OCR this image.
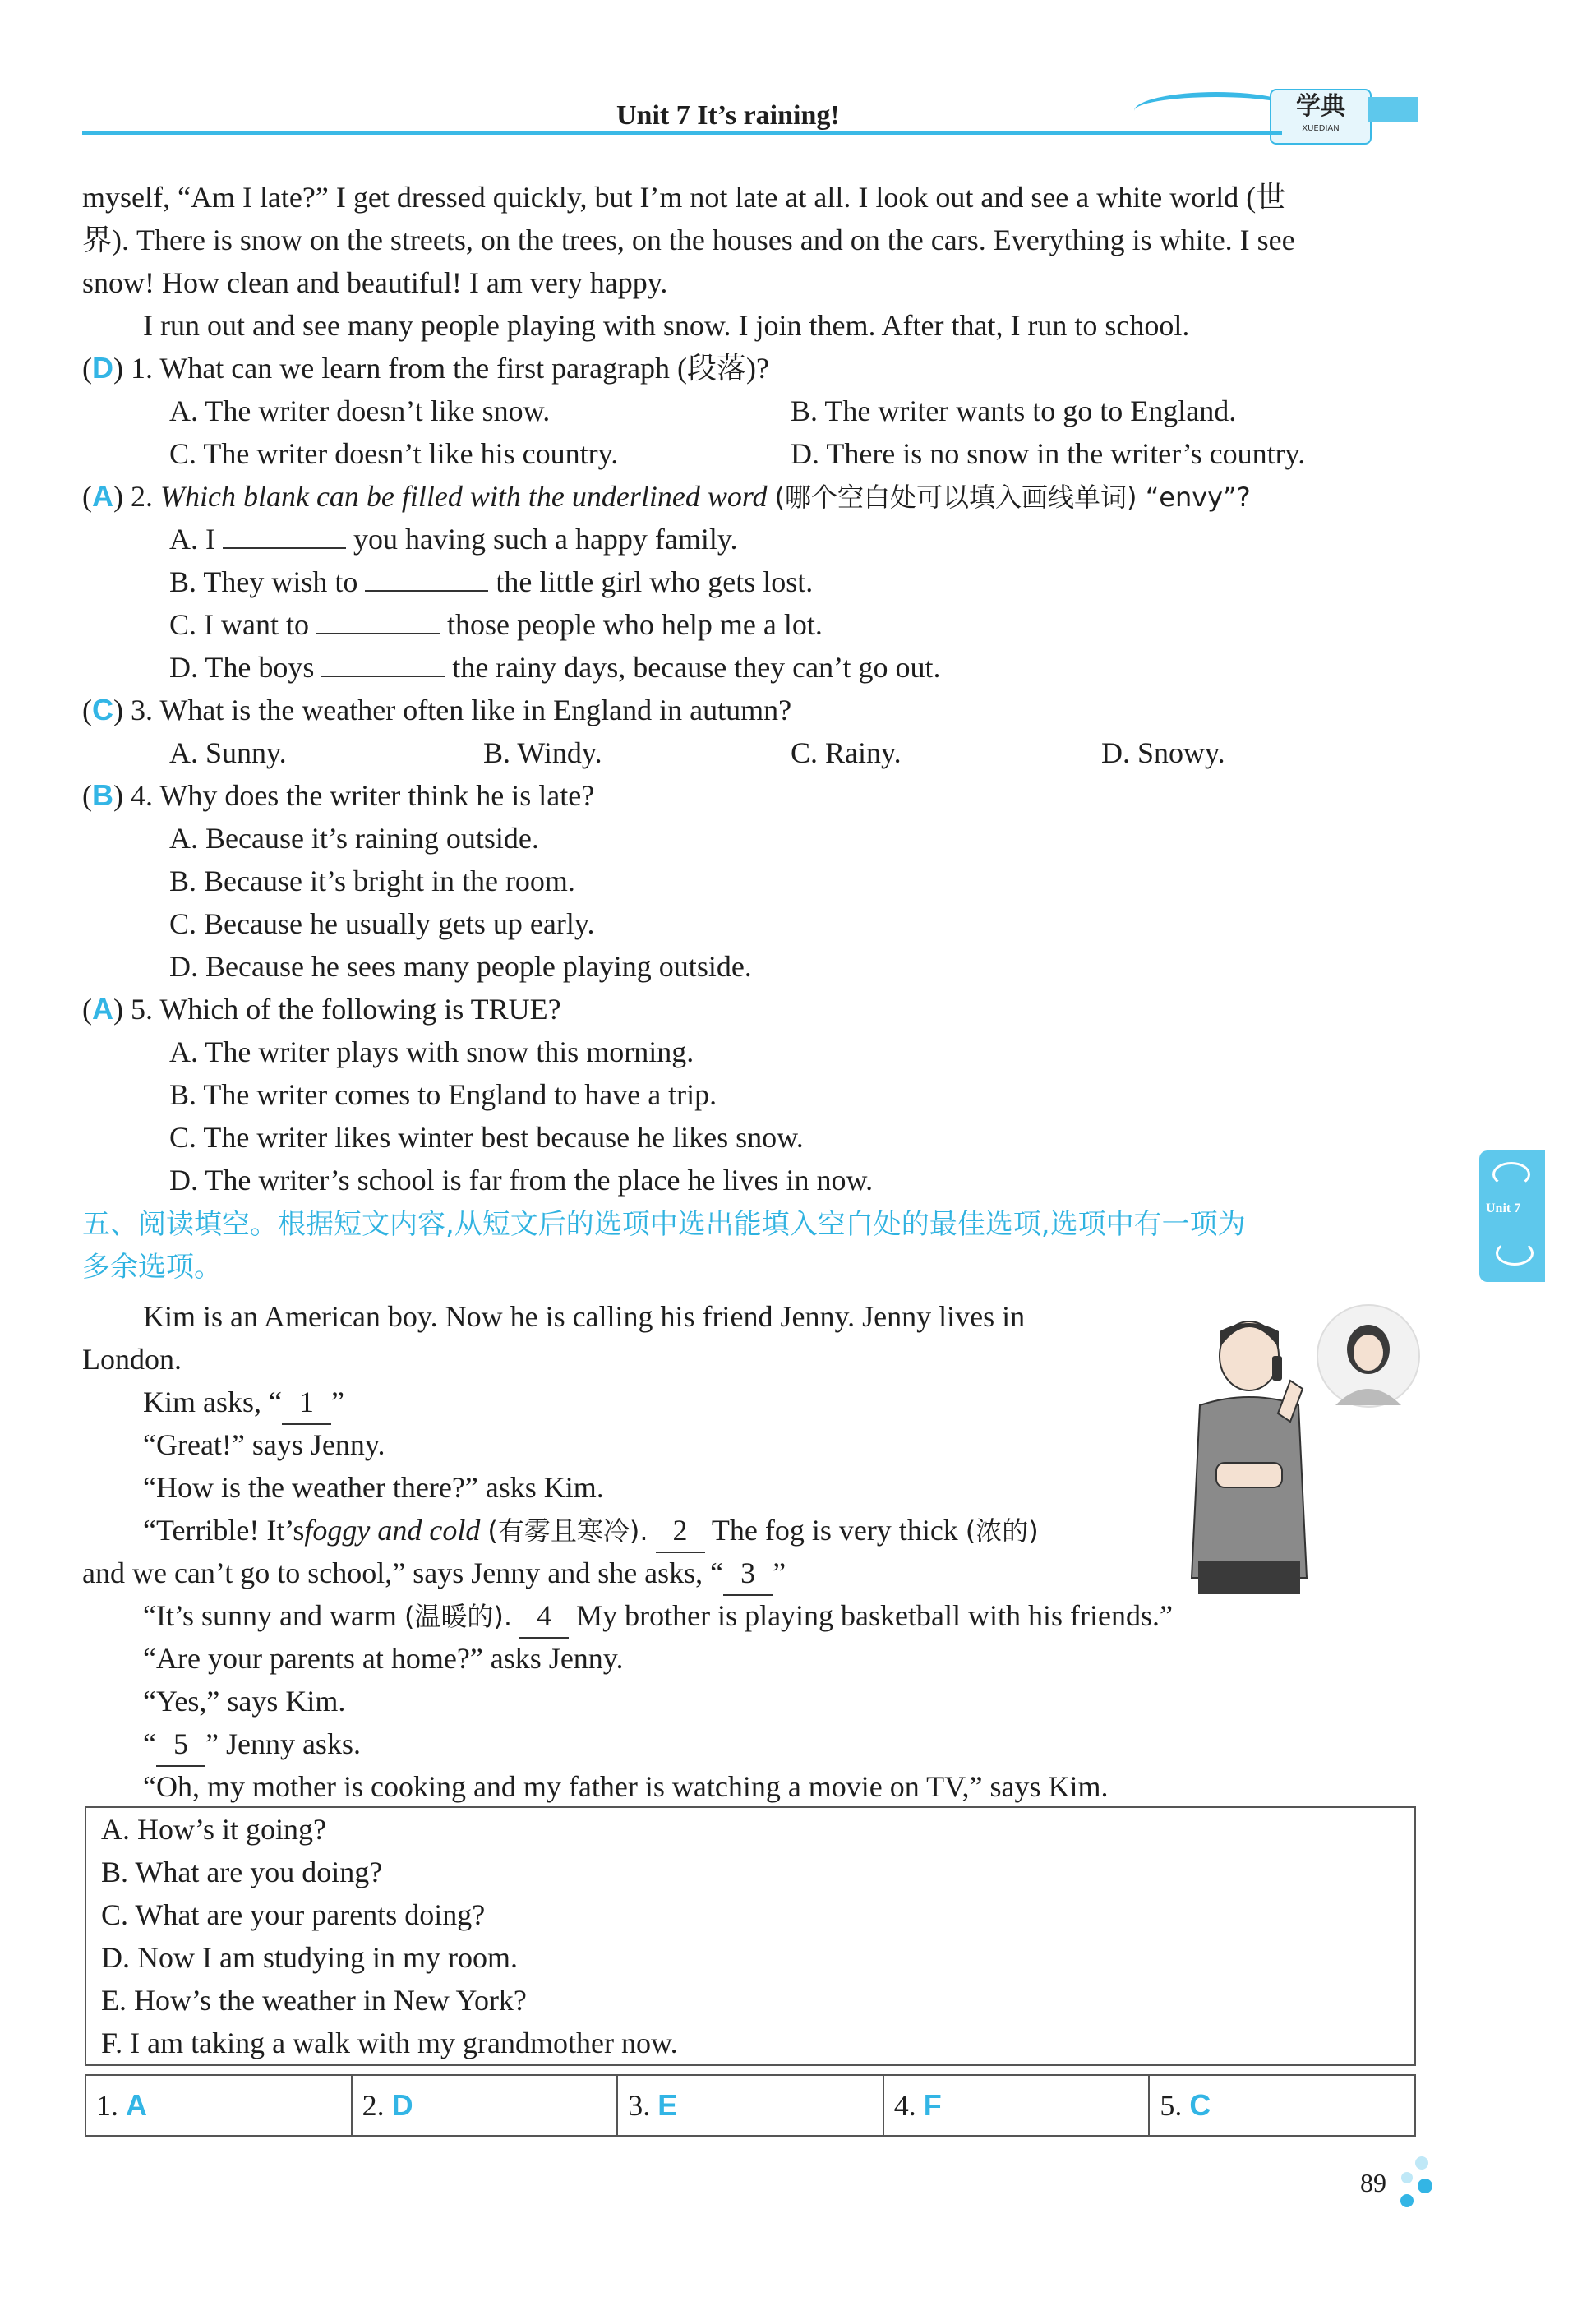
Unit 7 It’s raining!	学典
XUEDIAN
myself, “Am I late?” I get dressed quickly, but I’m not late at all. I look out and see a white world (世
界). There is snow on the streets, on the trees, on the houses and on the cars. Everything is white. I see
snow! How clean and beautiful! I am very happy.
I run out and see many people playing with snow. I join them. After that, I run to school.
(D) 1. What can we learn from the first paragraph (段落)?
A. The writer doesn’t like snow.	B. The writer wants to go to England.
C. The writer doesn’t like his country.	D. There is no snow in the writer’s country.
(A) 2. Which blank can be filled with the underlined word (哪个空白处可以填入画线单词) “envy”?
A. I	you having such a happy family.
B. They wish to	the little girl who gets lost.
C. I want to	those people who help me a lot.
D. The boys	the rainy days, because they can’t go out.
(C) 3. What is the weather often like in England in autumn?
A. Sunny.	B. Windy.	C. Rainy.	D. Snowy.
(B) 4. Why does the writer think he is late?
A. Because it’s raining outside.
B. Because it’s bright in the room.
C. Because he usually gets up early.
D. Because he sees many people playing outside.
(A) 5. Which of the following is TRUE?
A. The writer plays with snow this morning.
B. The writer comes to England to have a trip.
C. The writer likes winter best because he likes snow.
D. The writer’s school is far from the place he lives in now.
五、阅读填空。根据短文内容,从短文后的选项中选出能填入空白处的最佳选项,选项中有一项为
多余选项。
Kim is an American boy. Now he is calling his friend Jenny. Jenny lives in
London.
Kim asks, “ 1 ”
“Great!” says Jenny.
“How is the weather there?” asks Kim.
“Terrible! It’sfoggy and cold (有雾且寒冷). 2 The fog is very thick (浓的)
and we can’t go to school,” says Jenny and she asks, “ 3 ”
“It’s sunny and warm (温暖的). 4 My brother is playing basketball with his friends.”
“Are your parents at home?” asks Jenny.
“Yes,” says Kim.
“ 5 ” Jenny asks.
“Oh, my mother is cooking and my father is watching a movie on TV,” says Kim.
A. How’s it going?
B. What are you doing?
C. What are your parents doing?
D. Now I am studying in my room.
E. How’s the weather in New York?
F. I am taking a walk with my grandmother now.
1. A	2. D	3. E	4. F	5. C
Unit 7
89
